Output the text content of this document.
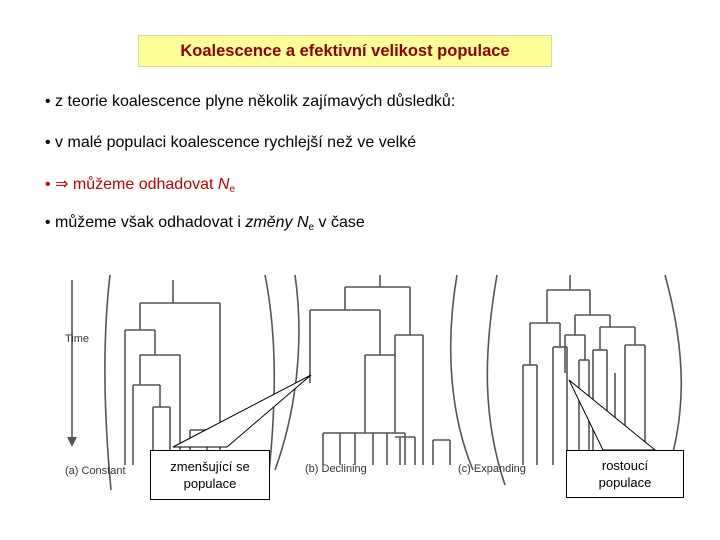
Koalescence a efektivní velikost populace
• z teorie koalescence plyne několik zajímavých důsledků:
• v malé populaci koalescence rychlejší než ve velké
• ⇒ můžeme odhadovat $N_e$
• můžeme však odhadovat i změny $N_e$ v čase
Time
(a) Constant	(b) Declining	(c) Expanding
zmenšující se
populace
rostoucí
populace
